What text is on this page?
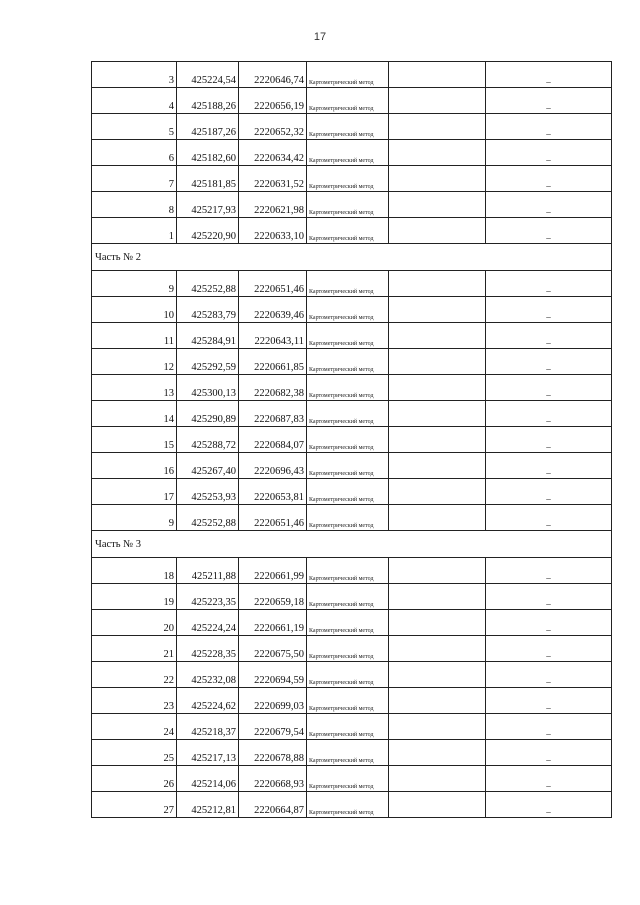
17
3	425224,54	2220646,74	Картометрический метод		–
4	425188,26	2220656,19	Картометрический метод		–
5	425187,26	2220652,32	Картометрический метод		–
6	425182,60	2220634,42	Картометрический метод		–
7	425181,85	2220631,52	Картометрический метод		–
8	425217,93	2220621,98	Картометрический метод		–
1	425220,90	2220633,10	Картометрический метод		–
Часть № 2					
9	425252,88	2220651,46	Картометрический метод		–
10	425283,79	2220639,46	Картометрический метод		–
11	425284,91	2220643,11	Картометрический метод		–
12	425292,59	2220661,85	Картометрический метод		–
13	425300,13	2220682,38	Картометрический метод		–
14	425290,89	2220687,83	Картометрический метод		–
15	425288,72	2220684,07	Картометрический метод		–
16	425267,40	2220696,43	Картометрический метод		–
17	425253,93	2220653,81	Картометрический метод		–
9	425252,88	2220651,46	Картометрический метод		–
Часть № 3					
18	425211,88	2220661,99	Картометрический метод		–
19	425223,35	2220659,18	Картометрический метод		–
20	425224,24	2220661,19	Картометрический метод		–
21	425228,35	2220675,50	Картометрический метод		–
22	425232,08	2220694,59	Картометрический метод		–
23	425224,62	2220699,03	Картометрический метод		–
24	425218,37	2220679,54	Картометрический метод		–
25	425217,13	2220678,88	Картометрический метод		–
26	425214,06	2220668,93	Картометрический метод		–
27	425212,81	2220664,87	Картометрический метод		–
